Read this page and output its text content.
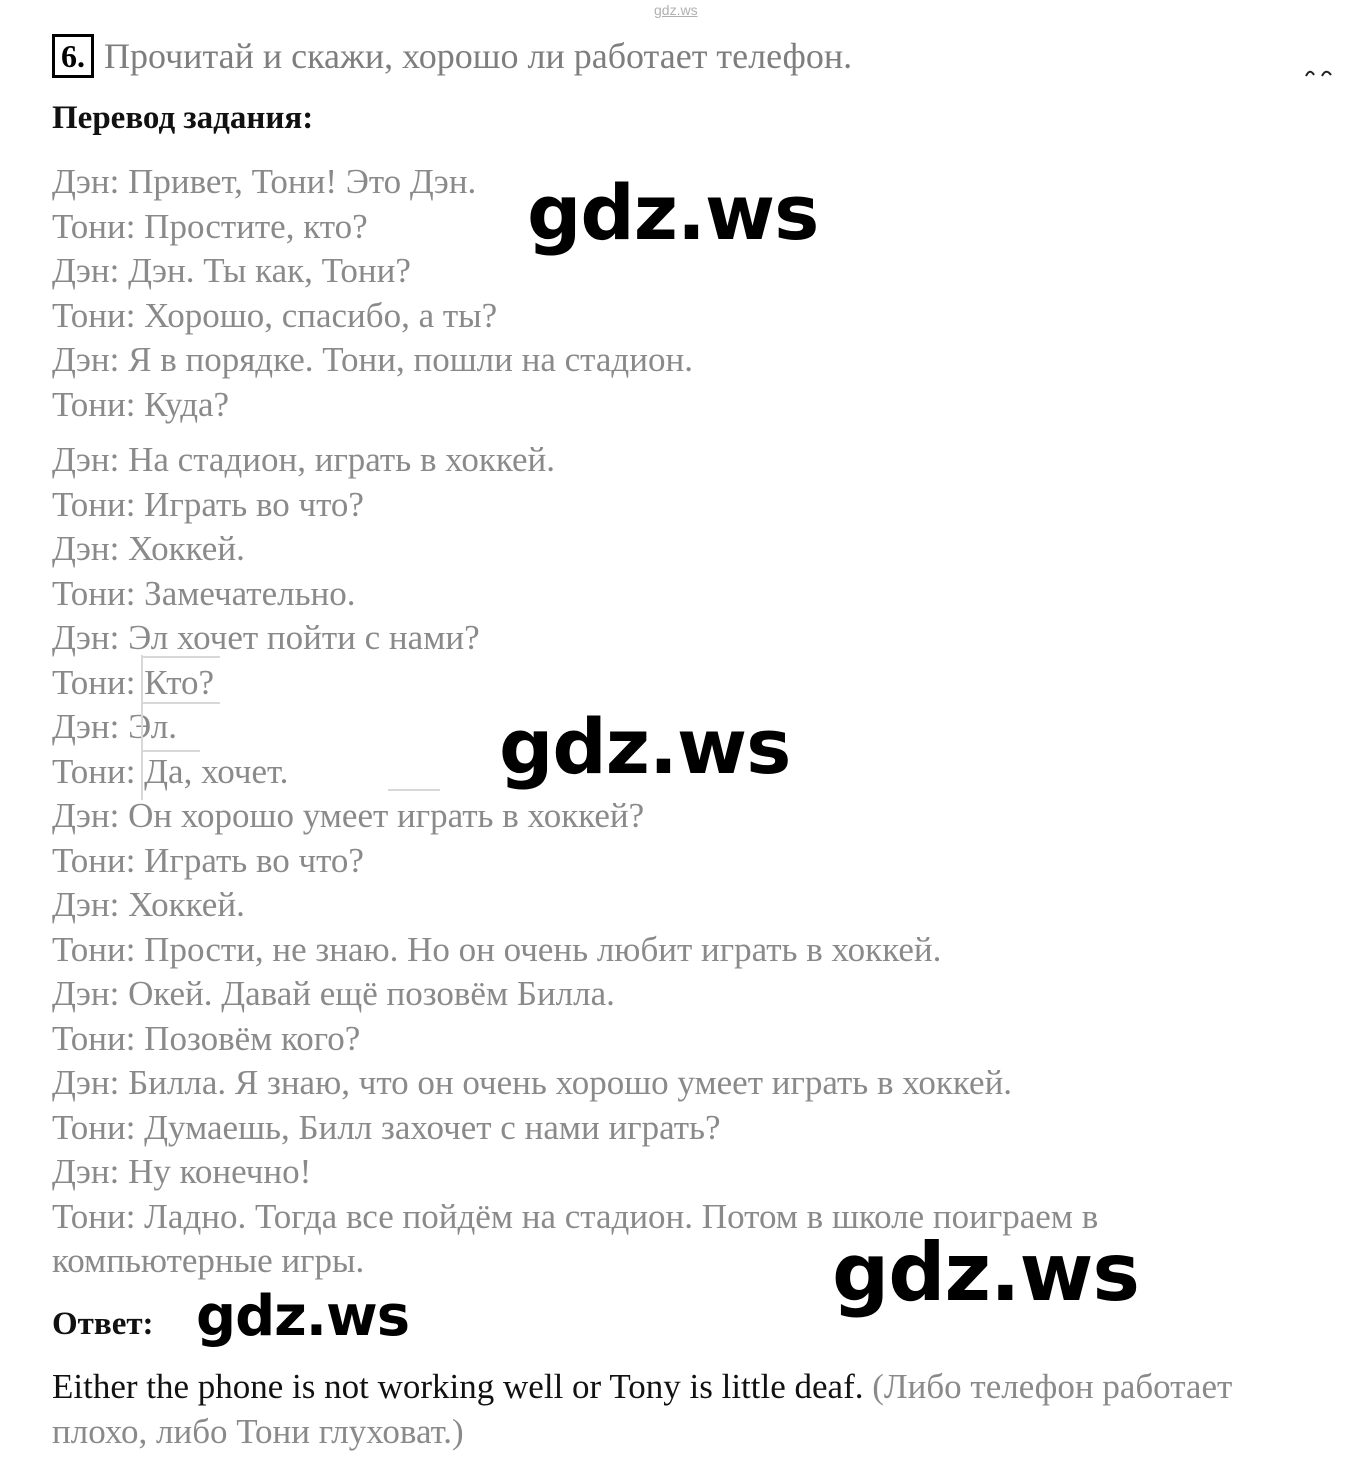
gdz.ws
6. Прочитай и скажи, хорошо ли работает телефон.
Перевод задания:
Дэн: Привет, Тони! Это Дэн.
Тони: Простите, кто?
Дэн: Дэн. Ты как, Тони?
Тони: Хорошо, спасибо, а ты?
Дэн: Я в порядке. Тони, пошли на стадион.
Тони: Куда?
Дэн: На стадион, играть в хоккей.
Тони: Играть во что?
Дэн: Хоккей.
Тони: Замечательно.
Дэн: Эл хочет пойти с нами?
Тони: Кто?
Дэн: Эл.
Тони: Да, хочет.
Дэн: Он хорошо умеет играть в хоккей?
Тони: Играть во что?
Дэн: Хоккей.
Тони: Прости, не знаю. Но он очень любит играть в хоккей.
Дэн: Окей. Давай ещё позовём Билла.
Тони: Позовём кого?
Дэн: Билла. Я знаю, что он очень хорошо умеет играть в хоккей.
Тони: Думаешь, Билл захочет с нами играть?
Дэн: Ну конечно!
Тони: Ладно. Тогда все пойдём на стадион. Потом в школе поиграем в компьютерные игры.
Ответ:
Either the phone is not working well or Tony is little deaf. (Либо телефон работает плохо, либо Тони глуховат.)
gdz.ws
gdz.ws
gdz.ws
gdz.ws
